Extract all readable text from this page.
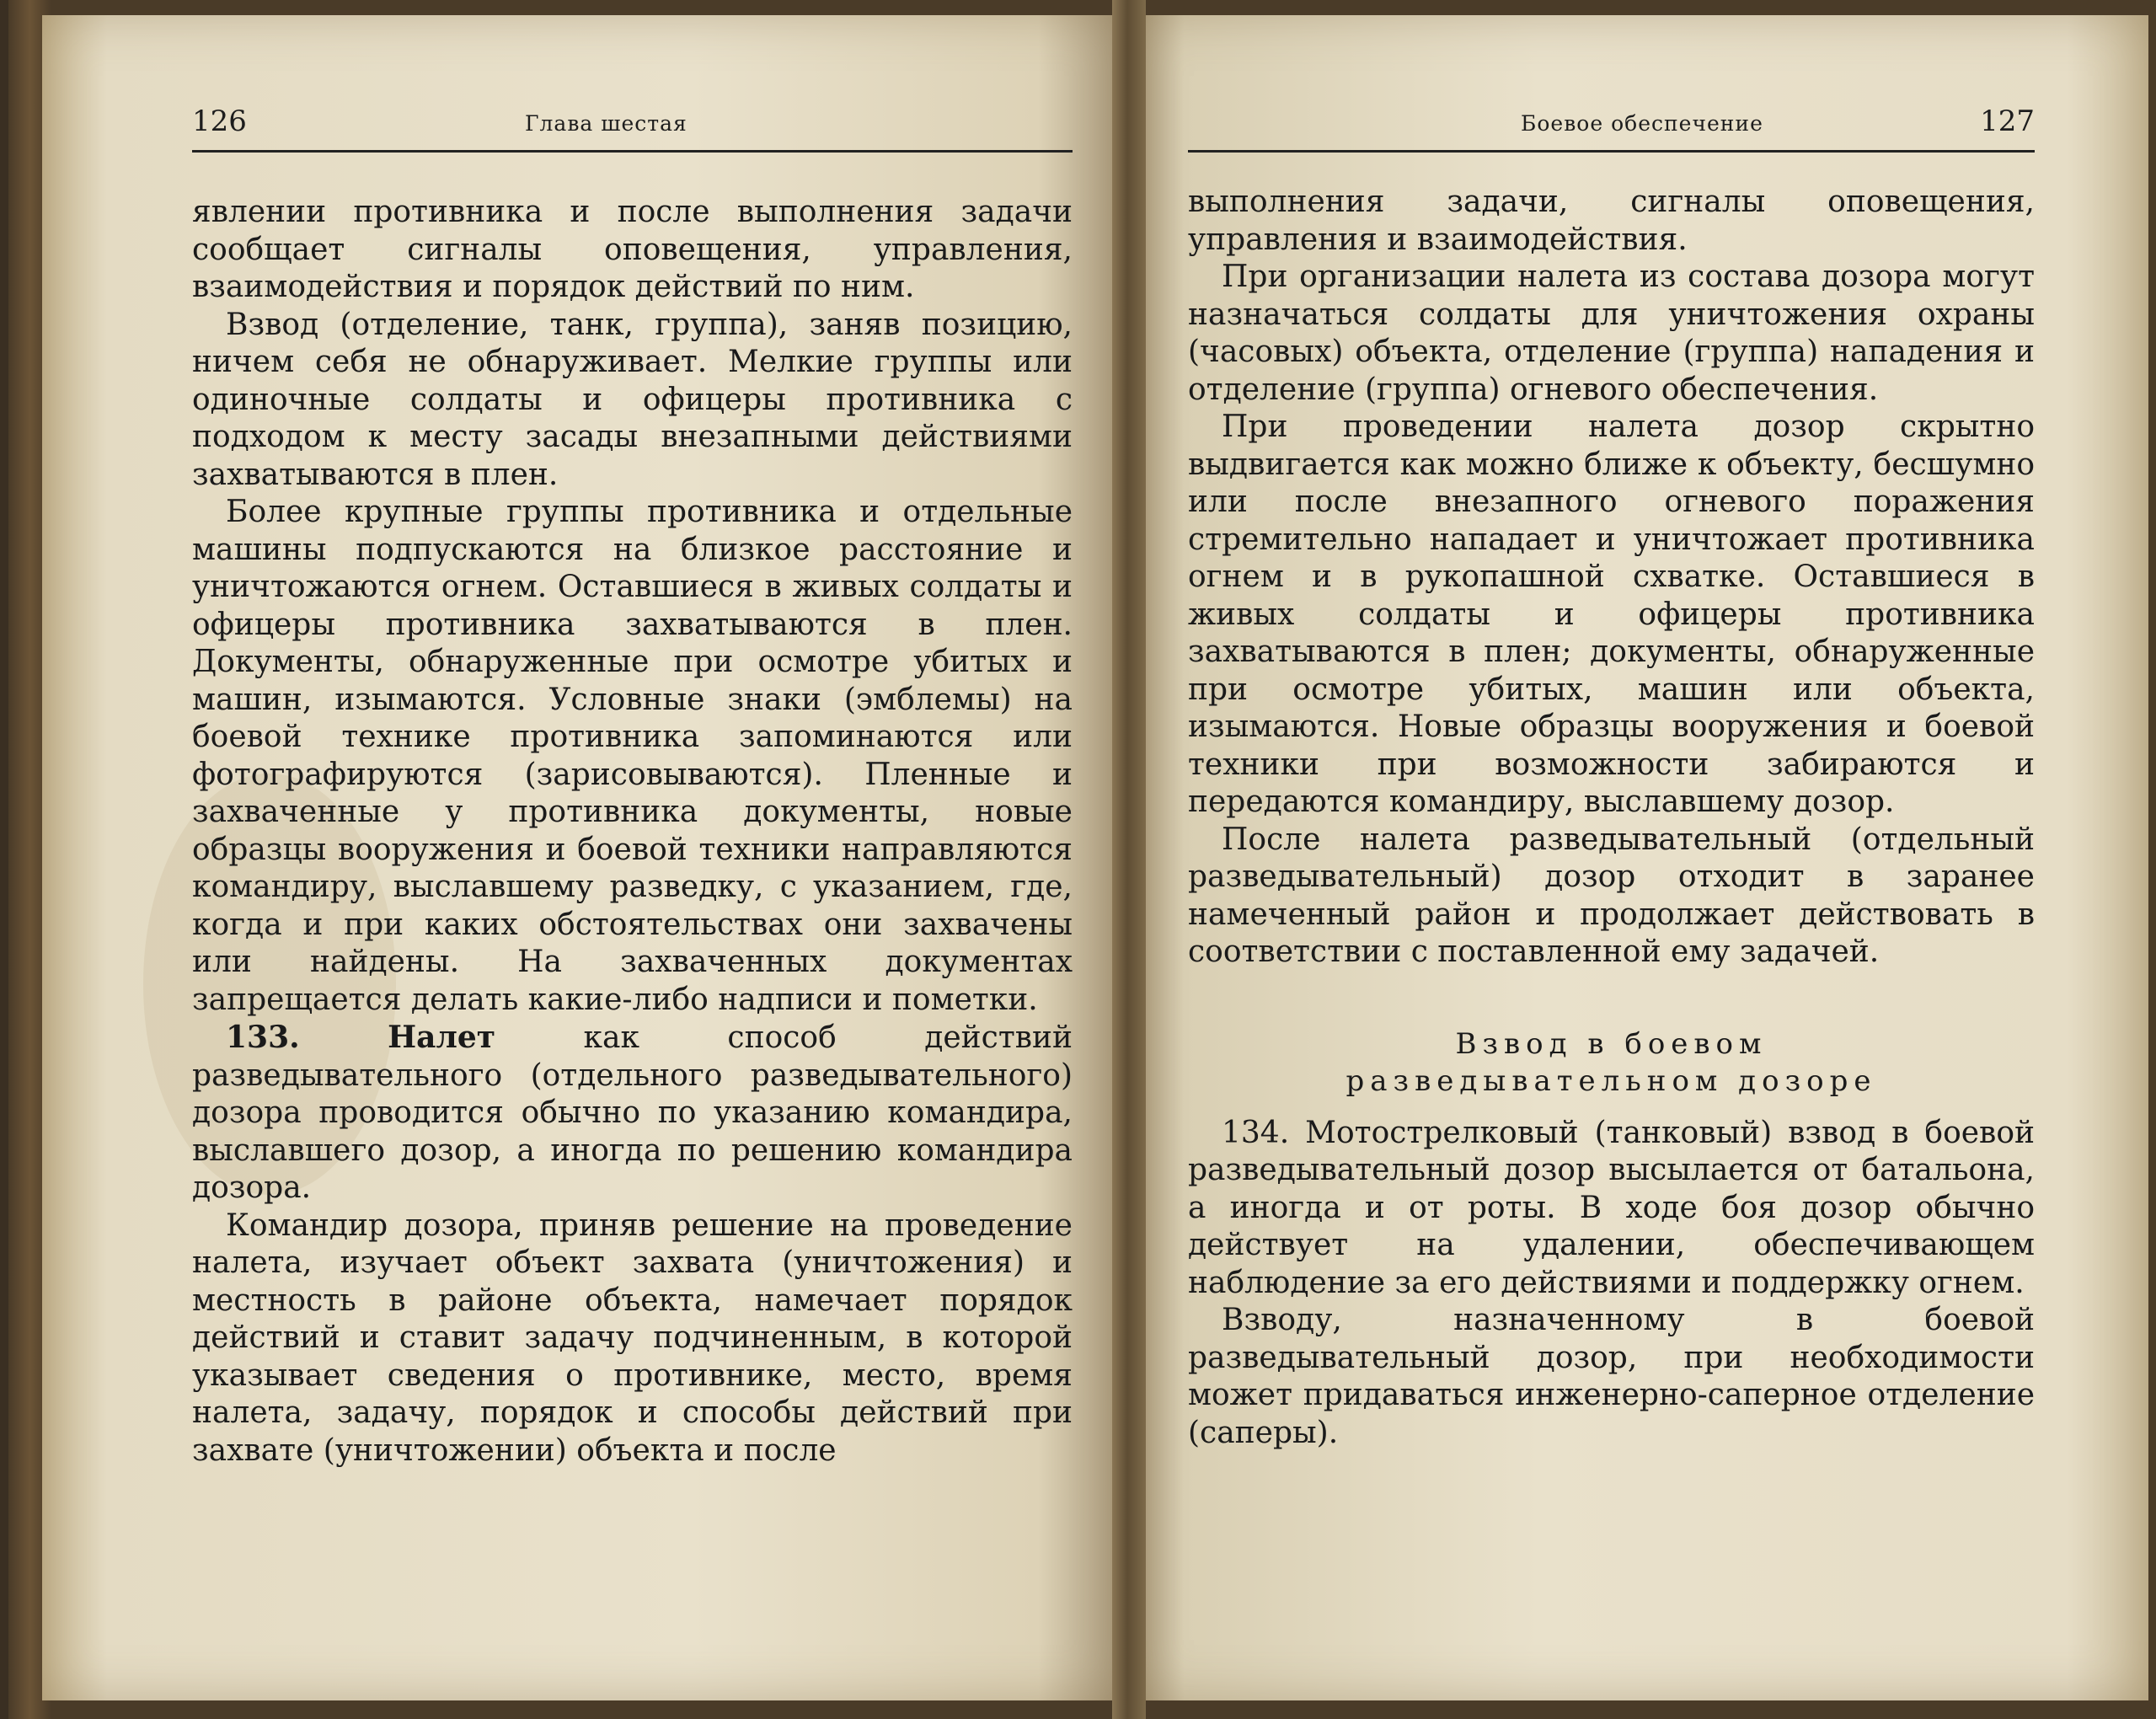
126	Глава шестая

явлении противника и после выполнения задачи сообщает сигналы оповещения, управления, взаимодействия и порядок действий по ним.

Взвод (отделение, танк, группа), заняв позицию, ничем себя не обнаруживает. Мелкие группы или одиночные солдаты и офицеры противника с подходом к месту засады внезапными действиями захватываются в плен.

Более крупные группы противника и отдельные машины подпускаются на близкое расстояние и уничтожаются огнем. Оставшиеся в живых солдаты и офицеры противника захватываются в плен. Документы, обнаруженные при осмотре убитых и машин, изымаются. Условные знаки (эмблемы) на боевой технике противника запоминаются или фотографируются (зарисовываются). Пленные и захваченные у противника документы, новые образцы вооружения и боевой техники направляются командиру, выславшему разведку, с указанием, где, когда и при каких обстоятельствах они захвачены или найдены. На захваченных документах запрещается делать какие-либо надписи и пометки.

133.	Налет как способ действий разведывательного (отдельного разведывательного) дозора проводится обычно по указанию командира, выславшего дозор, а иногда по решению командира дозора.

Командир дозора, приняв решение на проведение налета, изучает объект захвата (уничтожения) и местность в районе объекта, намечает порядок действий и ставит задачу подчиненным, в которой указывает сведения о противнике, место, время налета, задачу, порядок и способы действий при захвате (уничтожении) объекта и после

Боевое обеспечение	127

выполнения задачи, сигналы оповещения, управления и взаимодействия.

При организации налета из состава дозора могут назначаться солдаты для уничтожения охраны (часовых) объекта, отделение (группа) нападения и отделение (группа) огневого обеспечения.

При проведении налета дозор скрытно выдвигается как можно ближе к объекту, бесшумно или после внезапного огневого поражения стремительно нападает и уничтожает противника огнем и в рукопашной схватке. Оставшиеся в живых солдаты и офицеры противника захватываются в плен; документы, обнаруженные при осмотре убитых, машин или объекта, изымаются. Новые образцы вооружения и боевой техники при возможности забираются и передаются командиру, выславшему дозор.

После налета разведывательный (отдельный разведывательный) дозор отходит в заранее намеченный район и продолжает действовать в соответствии с поставленной ему задачей.

Взвод в боевом
разведывательном дозоре

134. Мотострелковый (танковый) взвод в боевой разведывательный дозор высылается от батальона, а иногда и от роты. В ходе боя дозор обычно действует на удалении, обеспечивающем наблюдение за его действиями и поддержку огнем.

Взводу, назначенному в боевой разведывательный дозор, при необходимости может придаваться инженерно-саперное отделение (саперы).
